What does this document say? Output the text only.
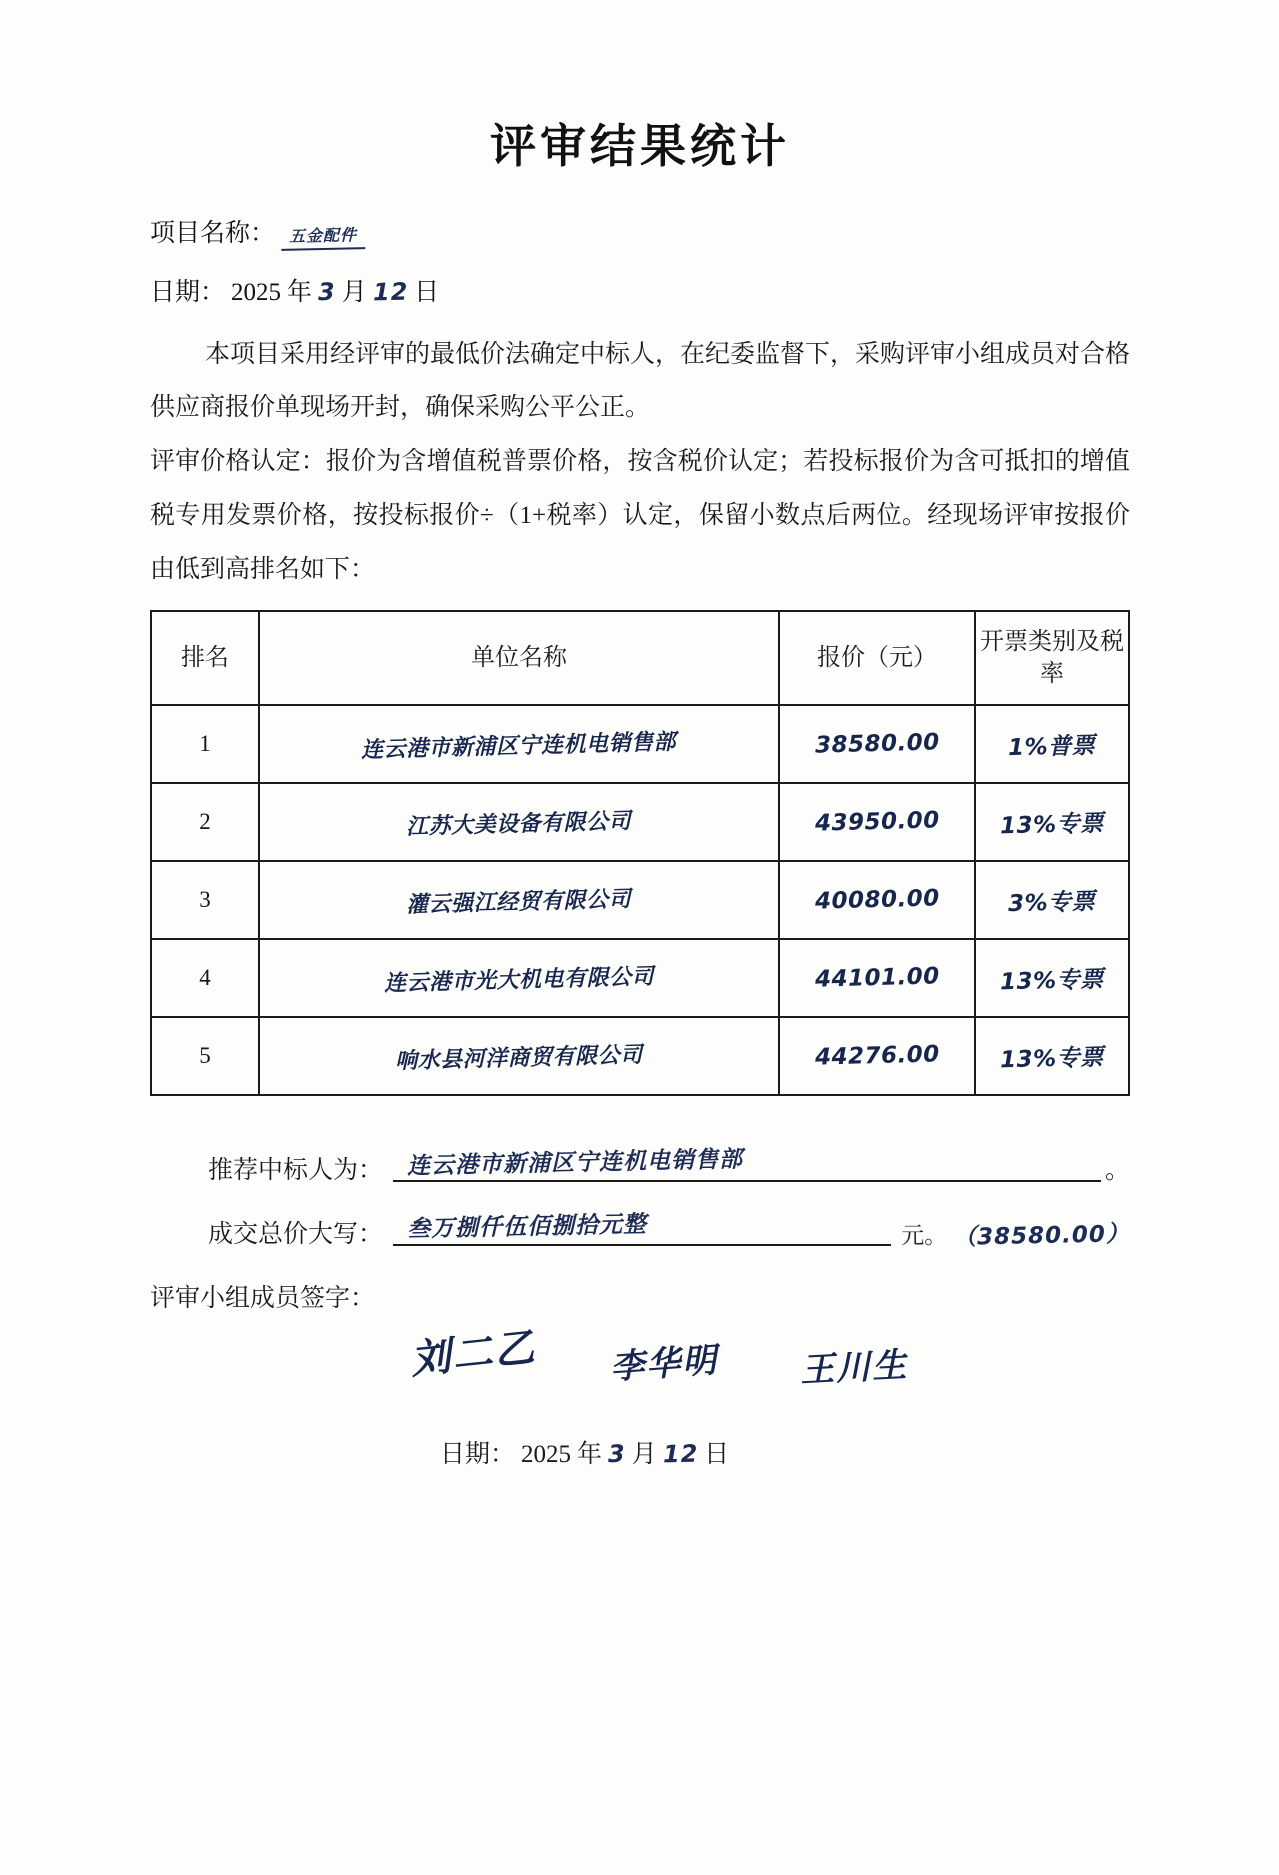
评审结果统计
项目名称： 五金配件
日期： 2025 年 3 月 12 日

本项目采用经评审的最低价法确定中标人，在纪委监督下，采购评审小组成员对合格供应商报价单现场开封，确保采购公平公正。

评审价格认定：报价为含增值税普票价格，按含税价认定；若投标报价为含可抵扣的增值税专用发票价格，按投标报价÷（1+税率）认定，保留小数点后两位。经现场评审按报价由低到高排名如下：

排名	单位名称	报价（元）	开票类别及税率
1	连云港市新浦区宁连机电销售部	38580.00	1%普票
2	江苏大美设备有限公司	43950.00	13%专票
3	灌云强江经贸有限公司	40080.00	3%专票
4	连云港市光大机电有限公司	44101.00	13%专票
5	响水县河洋商贸有限公司	44276.00	13%专票
推荐中标人为： 连云港市新浦区宁连机电销售部	。
成交总价大写： 叁万捌仟伍佰捌拾元整	元。 （38580.00）

评审小组成员签字：

刘二乙 李华明 王川生
日期： 2025 年 3 月 12 日
